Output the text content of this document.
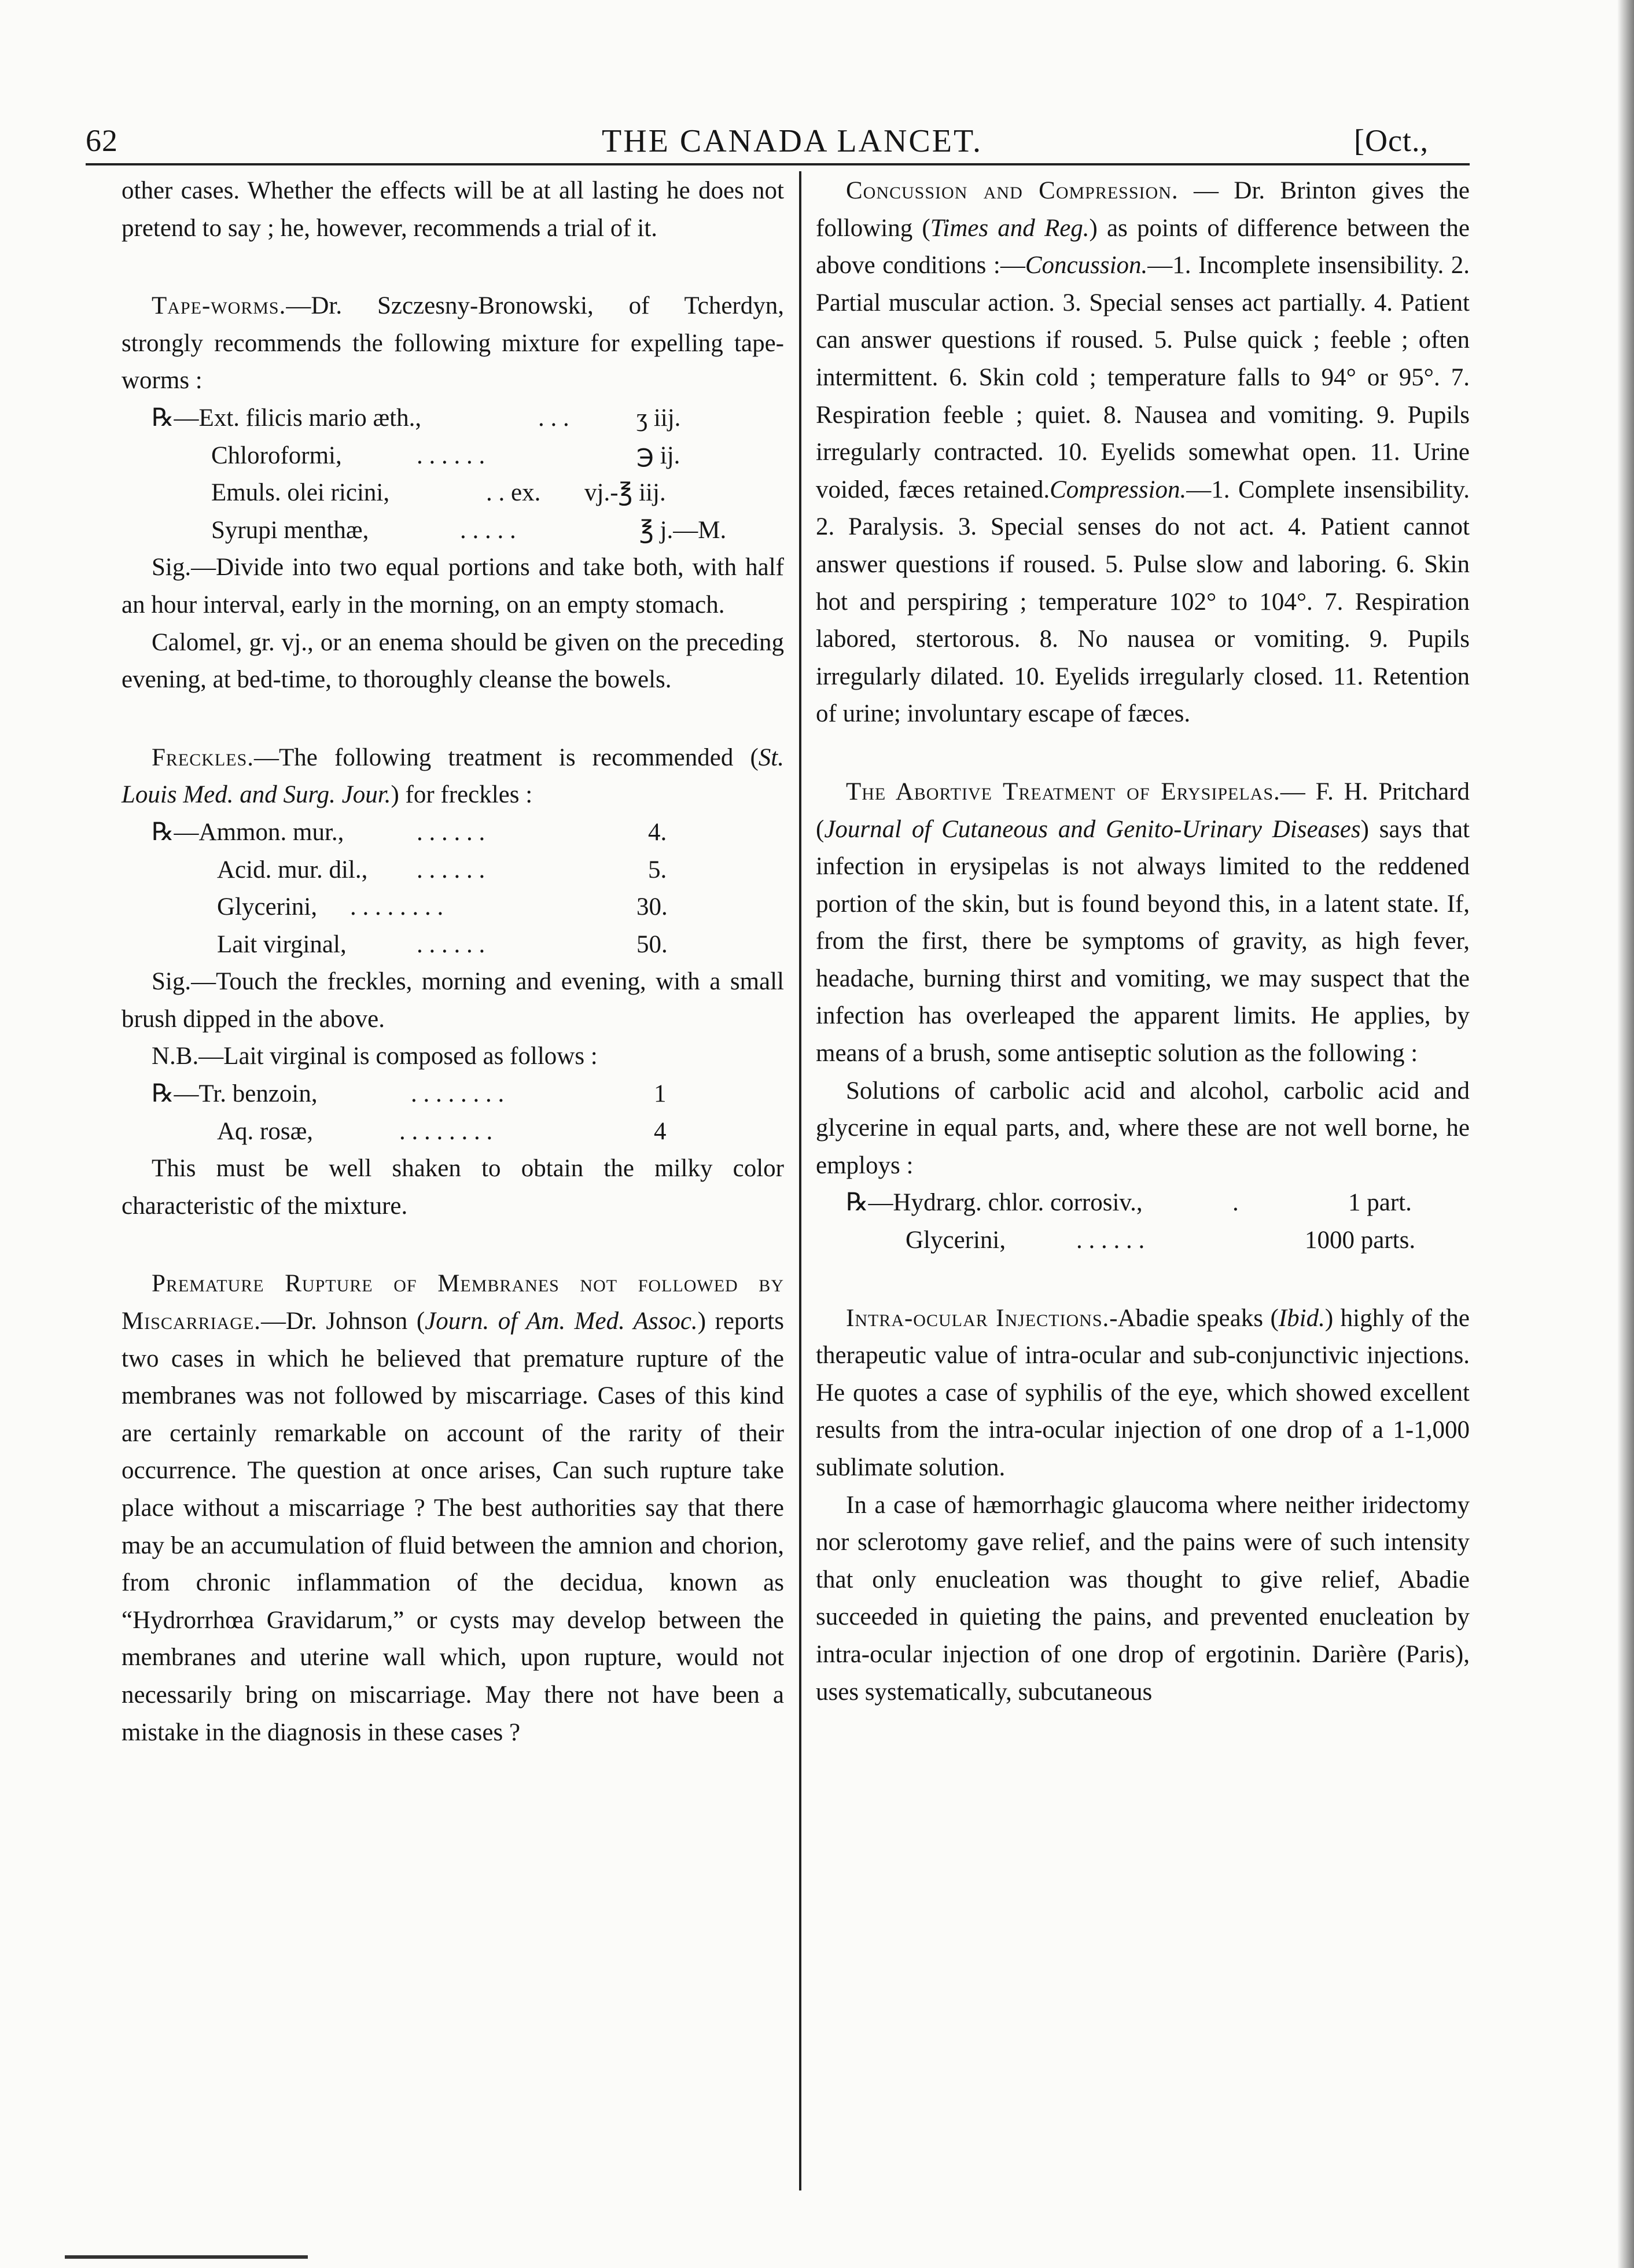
62	THE CANADA LANCET.	[Oct.,

other cases. Whether the effects will be at all lasting he does not pretend to say ; he, however, recommends a trial of it.

Tape-worms.—Dr. Szczesny-Bronowski, of Tcherdyn, strongly recommends the following mixture for expelling tape-worms :

℞—Ext. filicis mario æth.,	. . .	ʒ iij.
Chloroformi,	. . . . . .	℈ ij.
Emuls. olei ricini,	. . ex. vj.-℥ iij.
Syrupi menthæ,	. . . . .	℥ j.—M.

Sig.—Divide into two equal portions and take both, with half an hour interval, early in the morning, on an empty stomach.

Calomel, gr. vj., or an enema should be given on the preceding evening, at bed-time, to thoroughly cleanse the bowels.

Freckles.—The following treatment is recommended (St. Louis Med. and Surg. Jour.) for freckles :

℞—Ammon. mur.,	. . . . . .	4.
Acid. mur. dil., . . . . . .	5.
Glycerini, . . . . . . . .	30.
Lait virginal,	. . . . . .	50.

Sig.—Touch the freckles, morning and evening, with a small brush dipped in the above.

N.B.—Lait virginal is composed as follows :

℞—Tr. benzoin,	. . . . . . . .	1
Aq. rosæ,	. . . . . . . .	4

This must be well shaken to obtain the milky color characteristic of the mixture.

Premature Rupture of Membranes not followed by Miscarriage.—Dr. Johnson (Journ. of Am. Med. Assoc.) reports two cases in which he believed that premature rupture of the membranes was not followed by miscarriage. Cases of this kind are certainly remarkable on account of the rarity of their occurrence. The question at once arises, Can such rupture take place without a miscarriage ? The best authorities say that there may be an accumulation of fluid between the amnion and chorion, from chronic inflammation of the decidua, known as “Hydrorrhœa Gravidarum,” or cysts may develop between the membranes and uterine wall which, upon rupture, would not necessarily bring on miscarriage. May there not have been a mistake in the diagnosis in these cases ?

Concussion and Compression. — Dr. Brinton gives the following (Times and Reg.) as points of difference between the above conditions :—Concussion.—1. Incomplete insensibility. 2. Partial muscular action. 3. Special senses act partially. 4. Patient can answer questions if roused. 5. Pulse quick ; feeble ; often intermittent. 6. Skin cold ; temperature falls to 94° or 95°. 7. Respiration feeble ; quiet. 8. Nausea and vomiting. 9. Pupils irregularly contracted. 10. Eyelids somewhat open. 11. Urine voided, fæces retained.Compression.—1. Complete insensibility. 2. Paralysis. 3. Special senses do not act. 4. Patient cannot answer questions if roused. 5. Pulse slow and laboring. 6. Skin hot and perspiring ; temperature 102° to 104°. 7. Respiration labored, stertorous. 8. No nausea or vomiting. 9. Pupils irregularly dilated. 10. Eyelids irregularly closed. 11. Retention of urine; involuntary escape of fæces.

The Abortive Treatment of Erysipelas.— F. H. Pritchard (Journal of Cutaneous and Genito-Urinary Diseases) says that infection in erysipelas is not always limited to the reddened portion of the skin, but is found beyond this, in a latent state. If, from the first, there be symptoms of gravity, as high fever, headache, burning thirst and vomiting, we may suspect that the infection has overleaped the apparent limits. He applies, by means of a brush, some antiseptic solution as the following :

Solutions of carbolic acid and alcohol, carbolic acid and glycerine in equal parts, and, where these are not well borne, he employs :

℞—Hydrarg. chlor. corrosiv.,	.	1 part.
Glycerini,	. . . . . .	1000 parts.

Intra-ocular Injections.-Abadie speaks (Ibid.) highly of the therapeutic value of intra-ocular and sub-conjunctivic injections. He quotes a case of syphilis of the eye, which showed excellent results from the intra-ocular injection of one drop of a 1-1,000 sublimate solution.

In a case of hæmorrhagic glaucoma where neither iridectomy nor sclerotomy gave relief, and the pains were of such intensity that only enucleation was thought to give relief, Abadie succeeded in quieting the pains, and prevented enucleation by intra-ocular injection of one drop of ergotinin. Darière (Paris), uses systematically, subcutaneous
